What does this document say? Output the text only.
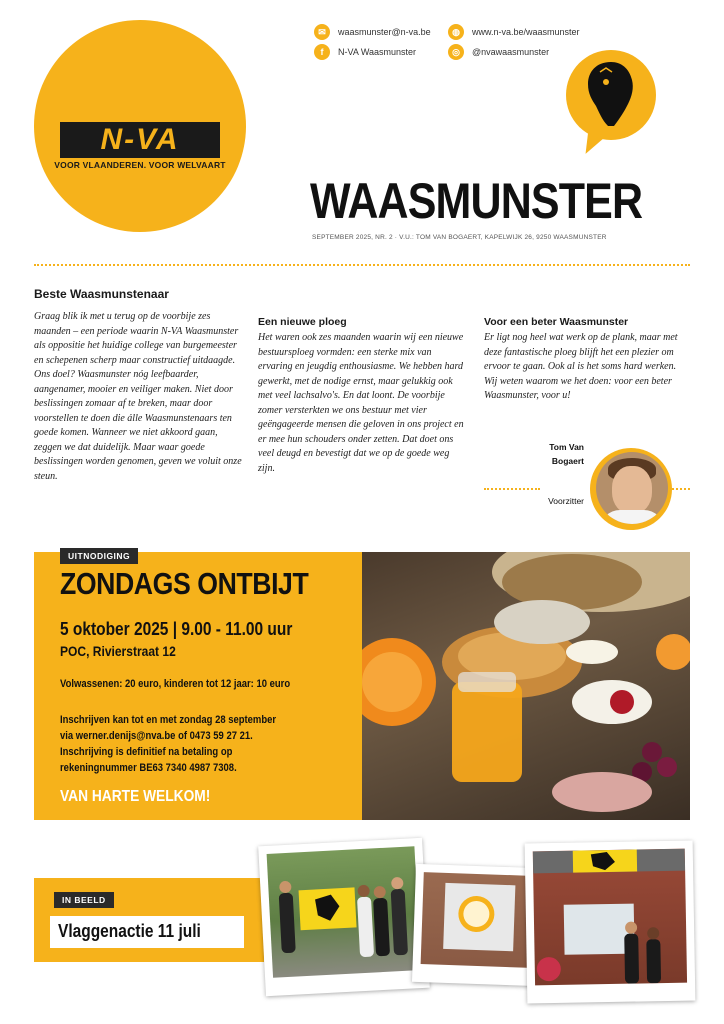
N-VA
VOOR VLAANDEREN. VOOR WELVAART
✉	waasmunster@n-va.be	◍	www.n-va.be/waasmunster
f	N-VA Waasmunster	◎	@nvawaasmunster
WAASMUNSTER
SEPTEMBER 2025, NR. 2 · V.U.: TOM VAN BOGAERT, KAPELWIJK 26, 9250 WAASMUNSTER
Beste Waasmunstenaar
Graag blik ik met u terug op de voorbije zes maanden – een periode waarin N-VA Waasmunster als oppositie het huidige college van burgemeester en schepenen scherp maar constructief uitdaagde. Ons doel? Waasmunster nóg leefbaarder, aangenamer, mooier en veiliger maken. Niet door beslissingen zomaar af te breken, maar door voorstellen te doen die álle Waasmunstenaars ten goede komen. Wanneer we niet akkoord gaan, zeggen we dat duidelijk. Maar waar goede beslissingen worden genomen, geven we voluit onze steun.
Een nieuwe ploeg
Het waren ook zes maanden waarin wij een nieuwe bestuursploeg vormden: een sterke mix van ervaring en jeugdig enthousiasme. We hebben hard gewerkt, met de nodige ernst, maar gelukkig ook met veel lachsalvo's. En dat loont. De voorbije zomer versterkten we ons bestuur met vier geëngageerde mensen die geloven in ons project en er mee hun schouders onder zetten. Dat doet ons veel deugd en bevestigt dat we op de goede weg zijn.
Voor een beter Waasmunster
Er ligt nog heel wat werk op de plank, maar met deze fantastische ploeg blijft het een plezier om ervoor te gaan. Ook al is het soms hard werken. Wij weten waarom we het doen: voor een beter Waasmunster, voor u!
Tom Van
Bogaert
Voorzitter
UITNODIGING
ZONDAGS ONTBIJT
5 oktober 2025 | 9.00 - 11.00 uur
POC, Rivierstraat 12
Volwassenen: 20 euro, kinderen tot 12 jaar: 10 euro
Inschrijven kan tot en met zondag 28 september
via werner.denijs@nva.be of 0473 59 27 21.
Inschrijving is definitief na betaling op
rekeningnummer BE63 7340 4987 7308.
VAN HARTE WELKOM!
IN BEELD
Vlaggenactie 11 juli
